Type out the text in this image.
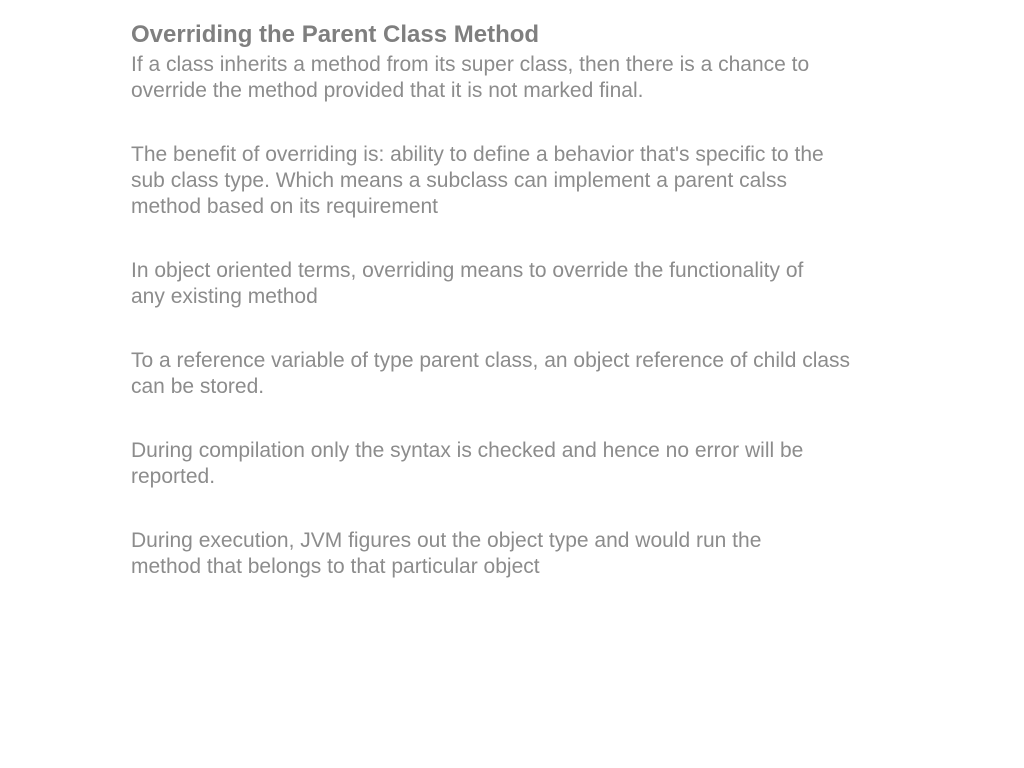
Overriding the Parent Class Method

If a class inherits a method from its super class, then there is a chance to
override the method provided that it is not marked final.

The benefit of overriding is: ability to define a behavior that's specific to the
sub class type. Which means a subclass can implement a parent calss
method based on its requirement

In object oriented terms, overriding means to override the functionality of
any existing method

To a reference variable of type parent class, an object reference of child class
can be stored.

During compilation only the syntax is checked and hence no error will be
reported.

During execution, JVM figures out the object type and would run the
method that belongs to that particular object
